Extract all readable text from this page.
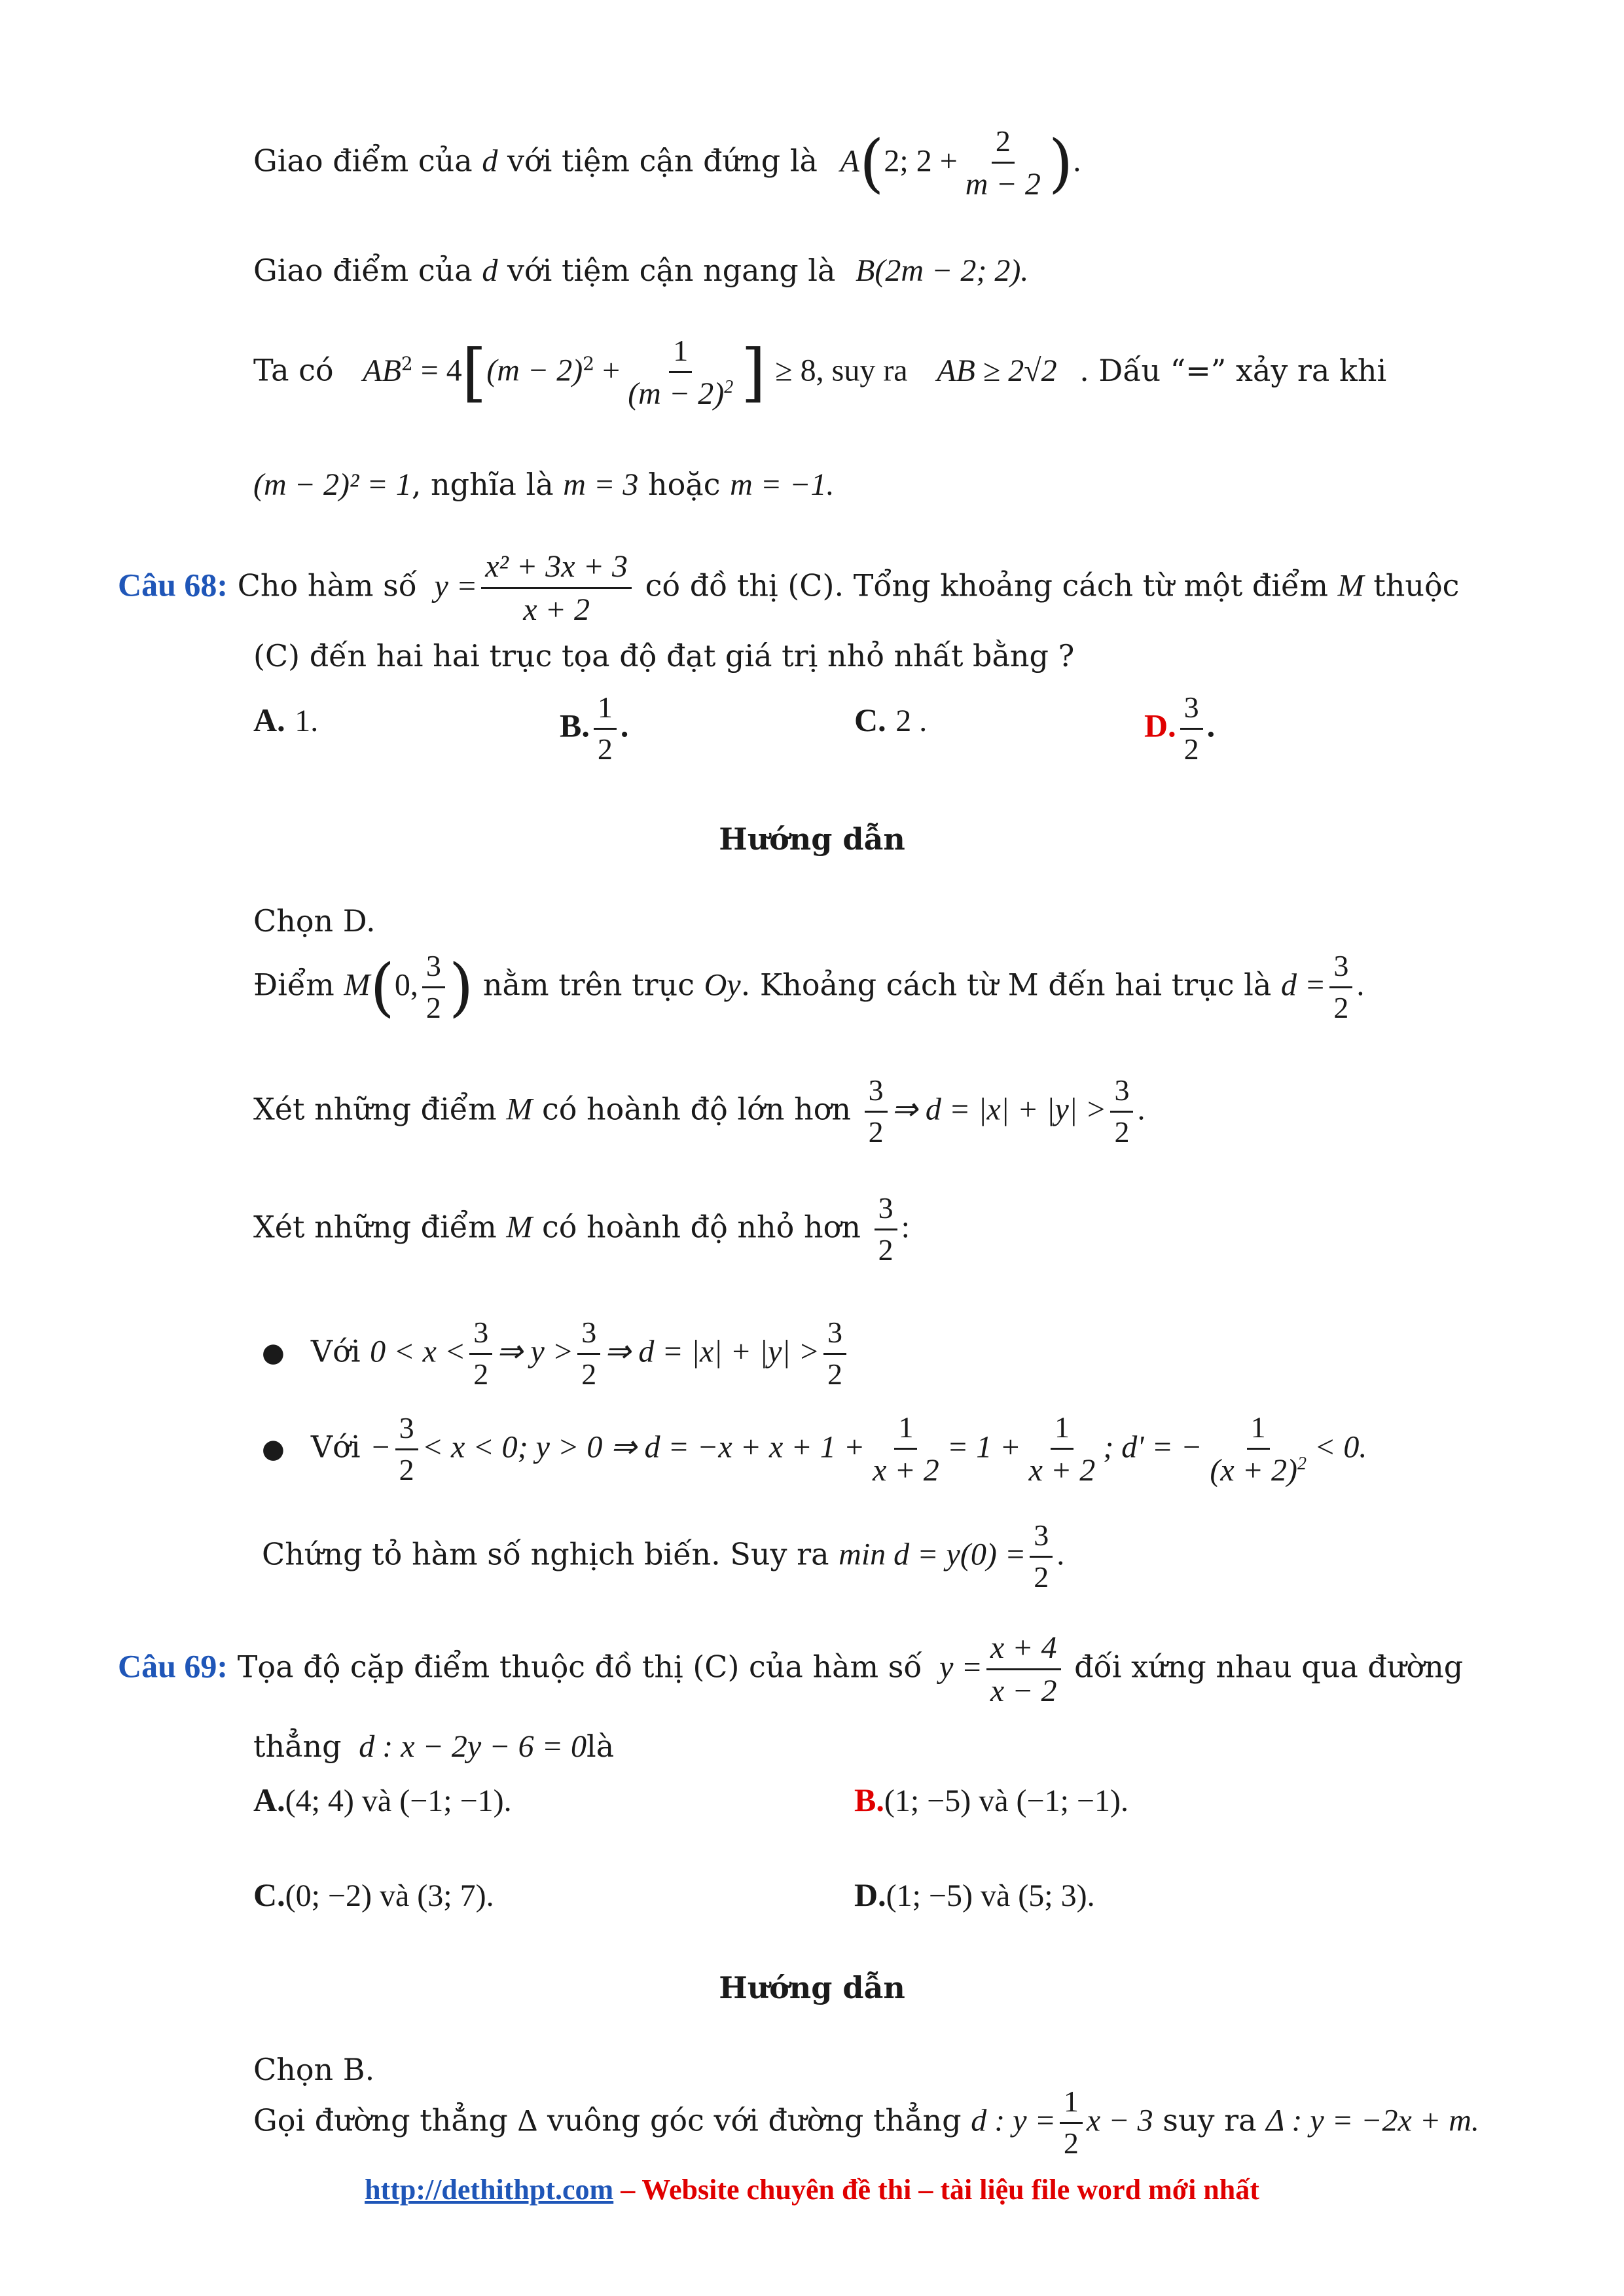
Giao điểm của d với tiệm cận đứng là A(2; $2 + \frac{2}{m - 2}$ ).
Giao điểm của d với tiệm cận ngang là B(2m − 2; 2).
Ta có $AB^2 = 4[(m - 2)^2 + \frac{1}{(m - 2)^2}$ ] ≥ 8, suy ra AB ≥ 2√2 . Dấu “=” xảy ra khi
(m − 2)² = 1, nghĩa là m = 3 hoặc m = −1.
Câu 68: Cho hàm số $y = \frac{\text{x² + 3x + 3}}{x + 2}$ có đồ thị (C). Tổng khoảng cách từ một điểm M thuộc
(C) đến hai hai trục tọa độ đạt giá trị nhỏ nhất bằng ?
A. 1.	B. $\frac{1}{2}$ .	C. 2 .	D. $\frac{3}{2}$ .
Hướng dẫn
Chọn D.
Điểm M(0, $\frac{3}{2}$ ) nằm trên trục Oy. Khoảng cách từ M đến hai trục là $d = \frac{3}{2}$ .
Xét những điểm M có hoành độ lớn hơn $\frac{3}{2}$ ⇒ $d = |x| + |y| > \frac{3}{2}$ .
Xét những điểm M có hoành độ nhỏ hơn $\frac{3}{2}$ :
● Với $0 < x < \frac{3}{2}$ ⇒ $y > \frac{3}{2}$ ⇒ $d = |x| + |y| > \frac{3}{2}$
● Với − $\frac{3}{2} < x < 0$; y > 0 ⇒ $d = -x + x + 1 + \frac{1}{x + 2} = 1 + \frac{1}{x + 2}$ ; d' = − $\frac{1}{(x + 2)^2} < 0$.
Chứng tỏ hàm số nghịch biến. Suy ra $\min d = y(0) = \frac{3}{2}$ .
Câu 69: Tọa độ cặp điểm thuộc đồ thị (C) của hàm số $y = \frac{x + 4}{x - 2}$ đối xứng nhau qua đường
thẳng d : x − 2y − 6 = 0là
A.(4; 4) và (−1; −1).	B.(1; −5) và (−1; −1).
C.(0; −2) và (3; 7).	D.(1; −5) và (5; 3).
Hướng dẫn
Chọn B.
Gọi đường thẳng Δ vuông góc với đường thẳng d : $y = \frac{1}{2}$ x − 3 suy ra Δ : y = −2x + m.
http://dethithpt.com – Website chuyên đề thi – tài liệu file word mới nhất
